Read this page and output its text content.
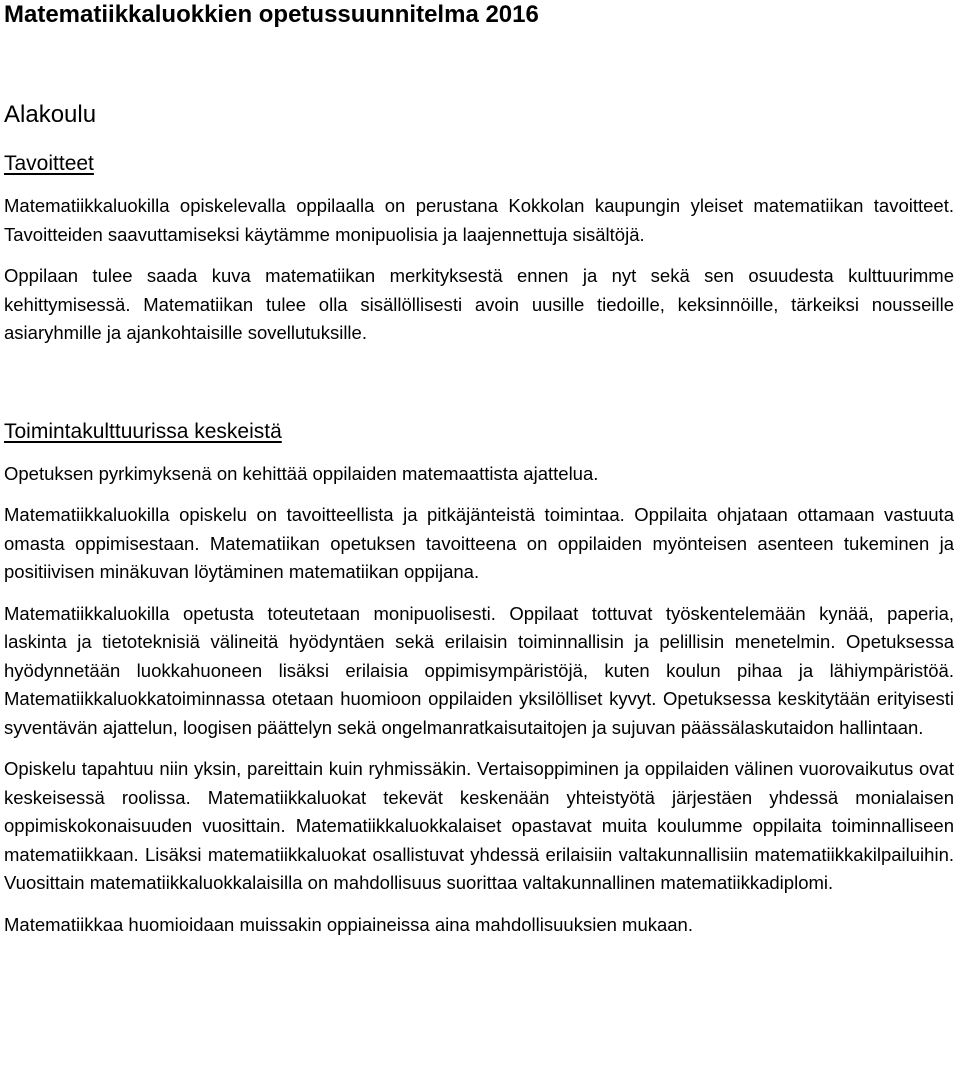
Matematiikkaluokkien opetussuunnitelma 2016
Alakoulu
Tavoitteet

Matematiikkaluokilla opiskelevalla oppilaalla on perustana Kokkolan kaupungin yleiset matematiikan tavoitteet. Tavoitteiden saavuttamiseksi käytämme monipuolisia ja laajennettuja sisältöjä.

Oppilaan tulee saada kuva matematiikan merkityksestä ennen ja nyt sekä sen osuudesta kulttuurimme kehittymisessä. Matematiikan tulee olla sisällöllisesti avoin uusille tiedoille, keksinnöille, tärkeiksi nousseille asiaryhmille ja ajankohtaisille sovellutuksille.

Toimintakulttuurissa keskeistä

Opetuksen pyrkimyksenä on kehittää oppilaiden matemaattista ajattelua.

Matematiikkaluokilla opiskelu on tavoitteellista ja pitkäjänteistä toimintaa. Oppilaita ohjataan ottamaan vastuuta omasta oppimisestaan. Matematiikan opetuksen tavoitteena on oppilaiden myönteisen asenteen tukeminen ja positiivisen minäkuvan löytäminen matematiikan oppijana.

Matematiikkaluokilla opetusta toteutetaan monipuolisesti. Oppilaat tottuvat työskentelemään kynää, paperia, laskinta ja tietoteknisiä välineitä hyödyntäen sekä erilaisin toiminnallisin ja pelillisin menetelmin. Opetuksessa hyödynnetään luokkahuoneen lisäksi erilaisia oppimisympäristöjä, kuten koulun pihaa ja lähiympäristöä. Matematiikkaluokkatoiminnassa otetaan huomioon oppilaiden yksilölliset kyvyt. Opetuksessa keskitytään erityisesti syventävän ajattelun, loogisen päättelyn sekä ongelmanratkaisutaitojen ja sujuvan päässälaskutaidon hallintaan.

Opiskelu tapahtuu niin yksin, pareittain kuin ryhmissäkin. Vertaisoppiminen ja oppilaiden välinen vuorovaikutus ovat keskeisessä roolissa. Matematiikkaluokat tekevät keskenään yhteistyötä järjestäen yhdessä monialaisen oppimiskokonaisuuden vuosittain. Matematiikkaluokkalaiset opastavat muita koulumme oppilaita toiminnalliseen matematiikkaan. Lisäksi matematiikkaluokat osallistuvat yhdessä erilaisiin valtakunnallisiin matematiikkakilpailuihin. Vuosittain matematiikkaluokkalaisilla on mahdollisuus suorittaa valtakunnallinen matematiikkadiplomi.

Matematiikkaa huomioidaan muissakin oppiaineissa aina mahdollisuuksien mukaan.
